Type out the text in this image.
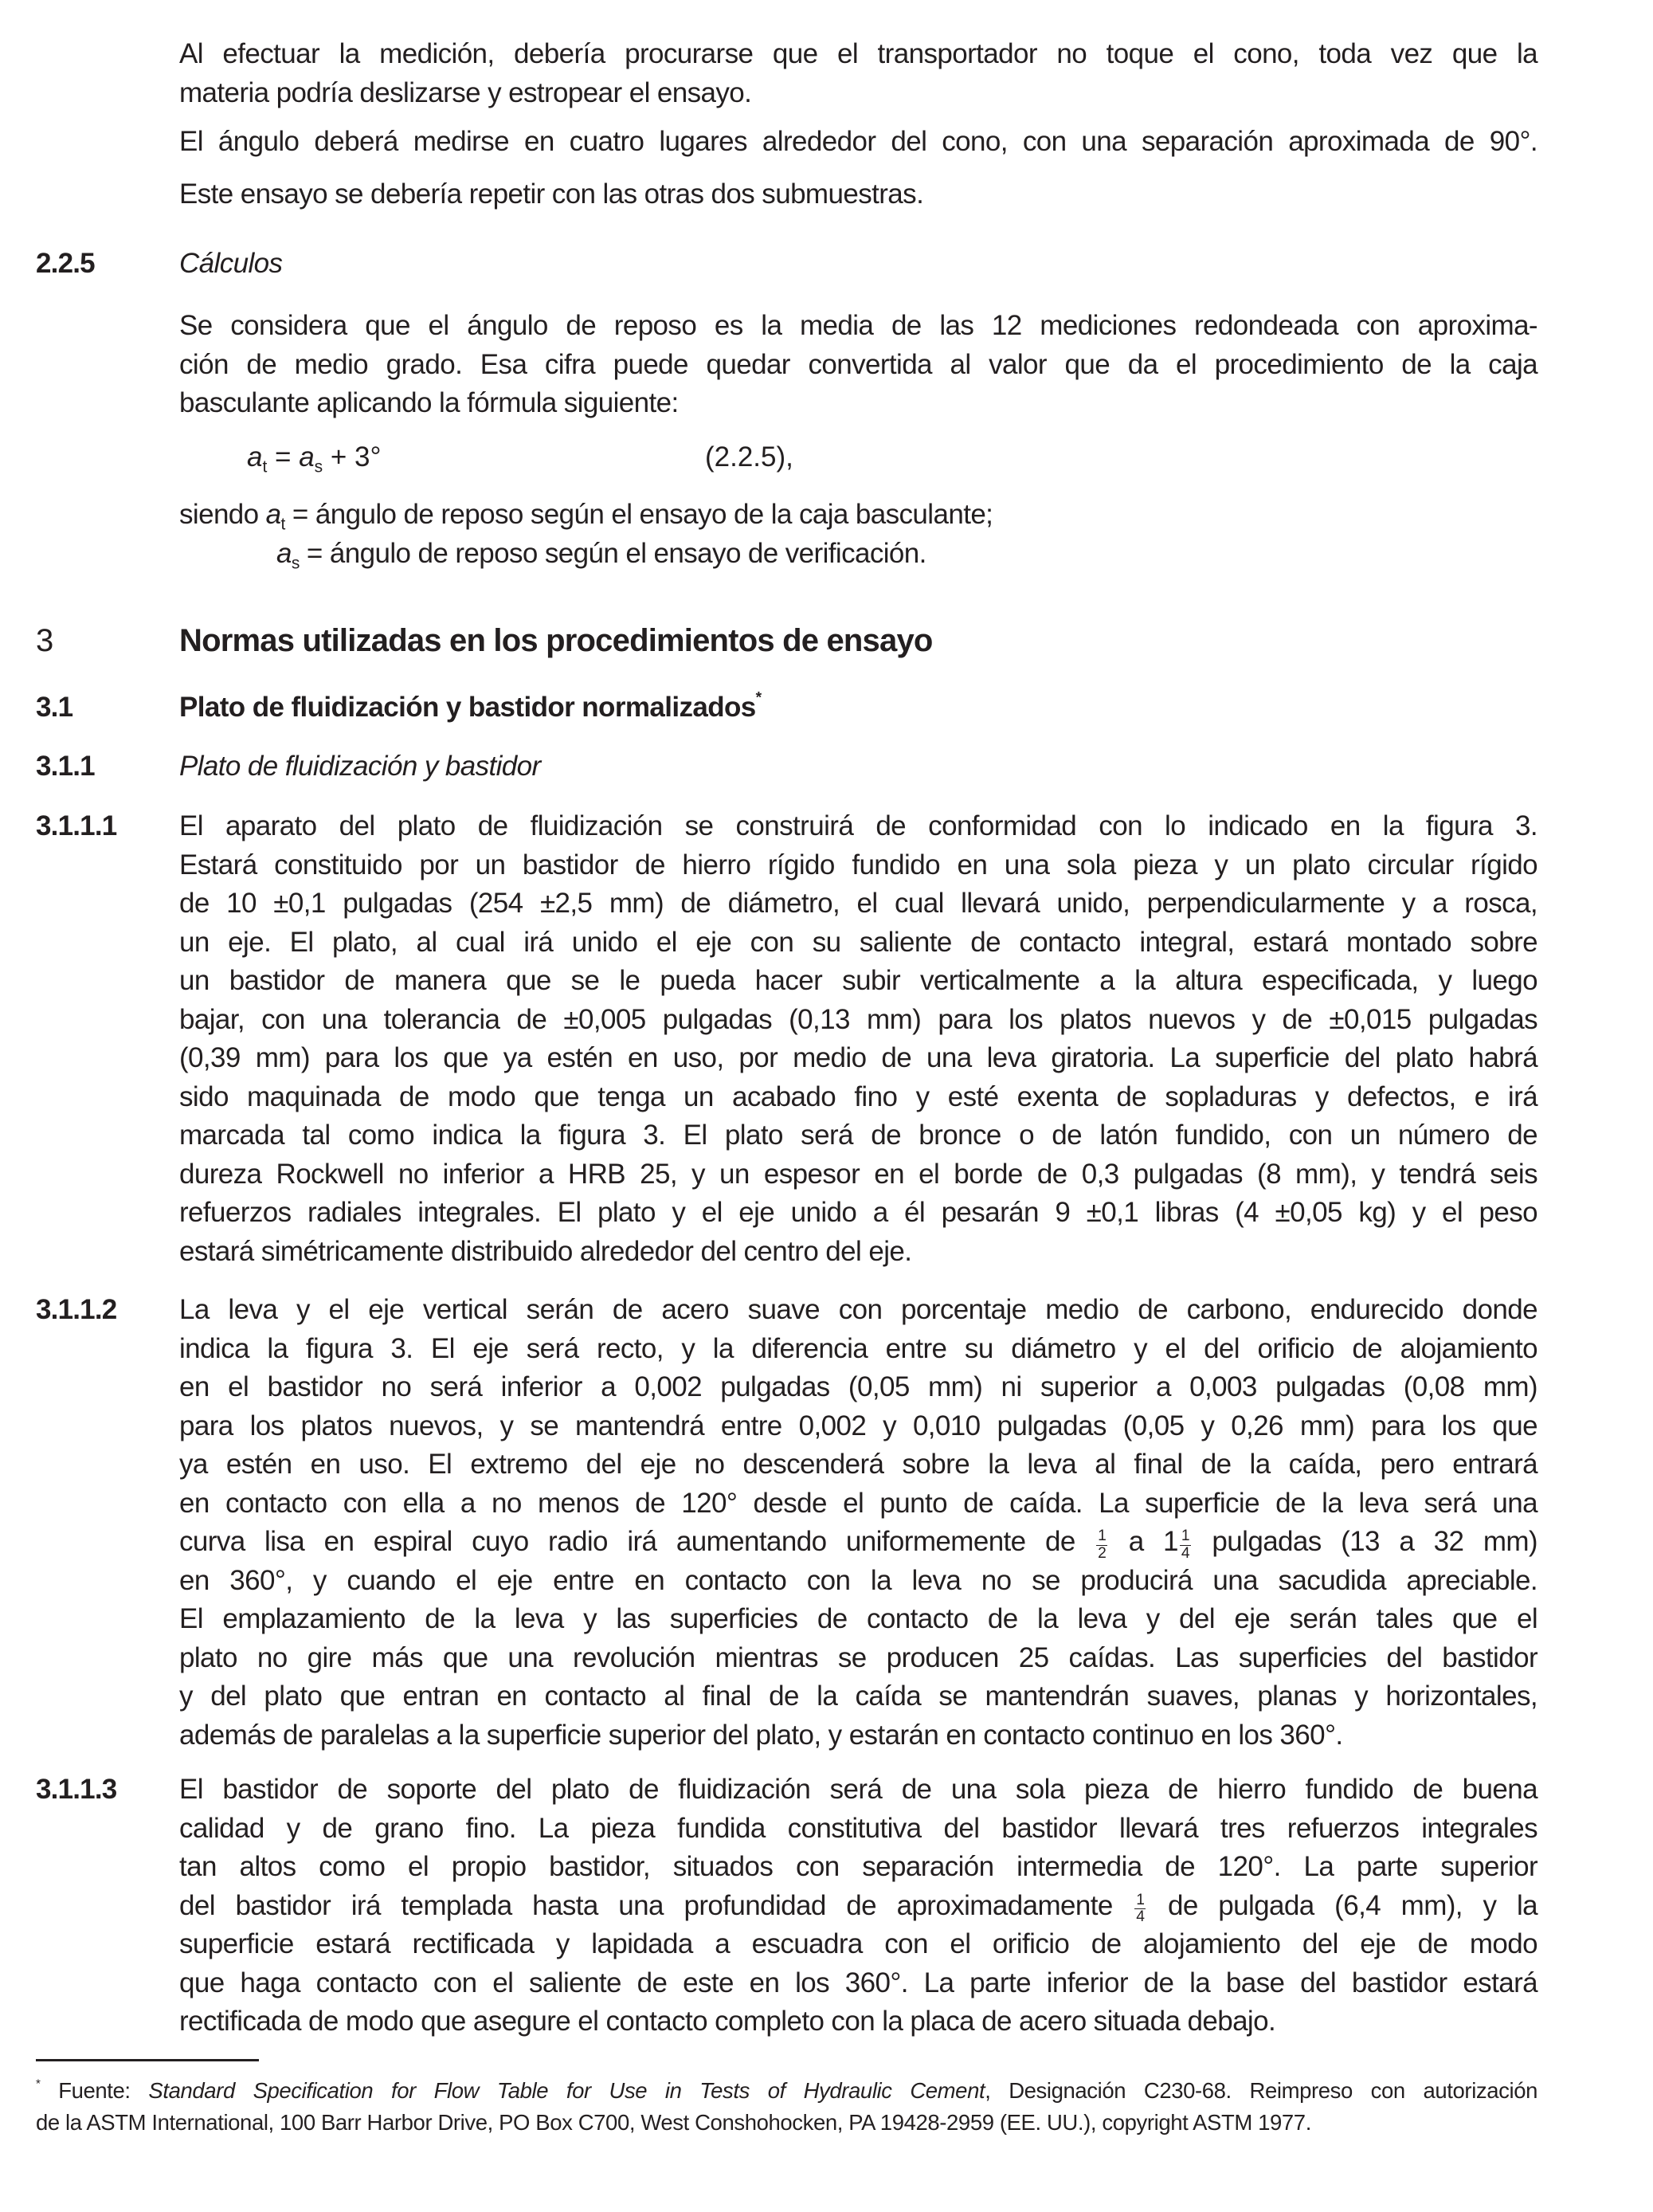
Al efectuar la medición, debería procurarse que el transportador no toque el cono, toda vez que la
materia podría deslizarse y estropear el ensayo.
El ángulo deberá medirse en cuatro lugares alrededor del cono, con una separación aproximada de 90°.
Este ensayo se debería repetir con las otras dos submuestras.
2.2.5	Cálculos
Se considera que el ángulo de reposo es la media de las 12 mediciones redondeada con aproxima-
ción de medio grado. Esa cifra puede quedar convertida al valor que da el procedimiento de la caja
basculante aplicando la fórmula siguiente:
$a_t = a_s + 3^\circ$	(2.2.5),
siendo $a_t$ = ángulo de reposo según el ensayo de la caja basculante;
$a_s$ = ángulo de reposo según el ensayo de verificación.
3	Normas utilizadas en los procedimientos de ensayo
3.1	Plato de fluidización y bastidor normalizados*
3.1.1	Plato de fluidización y bastidor
3.1.1.1 El aparato del plato de fluidización se construirá de conformidad con lo indicado en la figura 3.
Estará constituido por un bastidor de hierro rígido fundido en una sola pieza y un plato circular rígido
de 10 ±0,1 pulgadas (254 ±2,5 mm) de diámetro, el cual llevará unido, perpendicularmente y a rosca,
un eje. El plato, al cual irá unido el eje con su saliente de contacto integral, estará montado sobre
un bastidor de manera que se le pueda hacer subir verticalmente a la altura especificada, y luego
bajar, con una tolerancia de ±0,005 pulgadas (0,13 mm) para los platos nuevos y de ±0,015 pulgadas
(0,39 mm) para los que ya estén en uso, por medio de una leva giratoria. La superficie del plato habrá
sido maquinada de modo que tenga un acabado fino y esté exenta de sopladuras y defectos, e irá
marcada tal como indica la figura 3. El plato será de bronce o de latón fundido, con un número de
dureza Rockwell no inferior a HRB 25, y un espesor en el borde de 0,3 pulgadas (8 mm), y tendrá seis
refuerzos radiales integrales. El plato y el eje unido a él pesarán 9 ±0,1 libras (4 ±0,05 kg) y el peso
estará simétricamente distribuido alrededor del centro del eje.
3.1.1.2 La leva y el eje vertical serán de acero suave con porcentaje medio de carbono, endurecido donde
indica la figura 3. El eje será recto, y la diferencia entre su diámetro y el del orificio de alojamiento
en el bastidor no será inferior a 0,002 pulgadas (0,05 mm) ni superior a 0,003 pulgadas (0,08 mm)
para los platos nuevos, y se mantendrá entre 0,002 y 0,010 pulgadas (0,05 y 0,26 mm) para los que
ya estén en uso. El extremo del eje no descenderá sobre la leva al final de la caída, pero entrará
en contacto con ella a no menos de 120° desde el punto de caída. La superficie de la leva será una
curva lisa en espiral cuyo radio irá aumentando uniformemente de $\frac{1}{2}$ a $1 \frac{1}{4}$ pulgadas (13 a 32 mm)
en 360°, y cuando el eje entre en contacto con la leva no se producirá una sacudida apreciable.
El emplazamiento de la leva y las superficies de contacto de la leva y del eje serán tales que el
plato no gire más que una revolución mientras se producen 25 caídas. Las superficies del bastidor
y del plato que entran en contacto al final de la caída se mantendrán suaves, planas y horizontales,
además de paralelas a la superficie superior del plato, y estarán en contacto continuo en los 360°.
3.1.1.3 El bastidor de soporte del plato de fluidización será de una sola pieza de hierro fundido de buena
calidad y de grano fino. La pieza fundida constitutiva del bastidor llevará tres refuerzos integrales
tan altos como el propio bastidor, situados con separación intermedia de 120°. La parte superior
del bastidor irá templada hasta una profundidad de aproximadamente $\frac{1}{4}$ de pulgada (6,4 mm), y la
superficie estará rectificada y lapidada a escuadra con el orificio de alojamiento del eje de modo
que haga contacto con el saliente de este en los 360°. La parte inferior de la base del bastidor estará
rectificada de modo que asegure el contacto completo con la placa de acero situada debajo.
* Fuente: Standard Specification for Flow Table for Use in Tests of Hydraulic Cement, Designación C230-68. Reimpreso con autorización
de la ASTM International, 100 Barr Harbor Drive, PO Box C700, West Conshohocken, PA 19428-2959 (EE. UU.), copyright ASTM 1977.
